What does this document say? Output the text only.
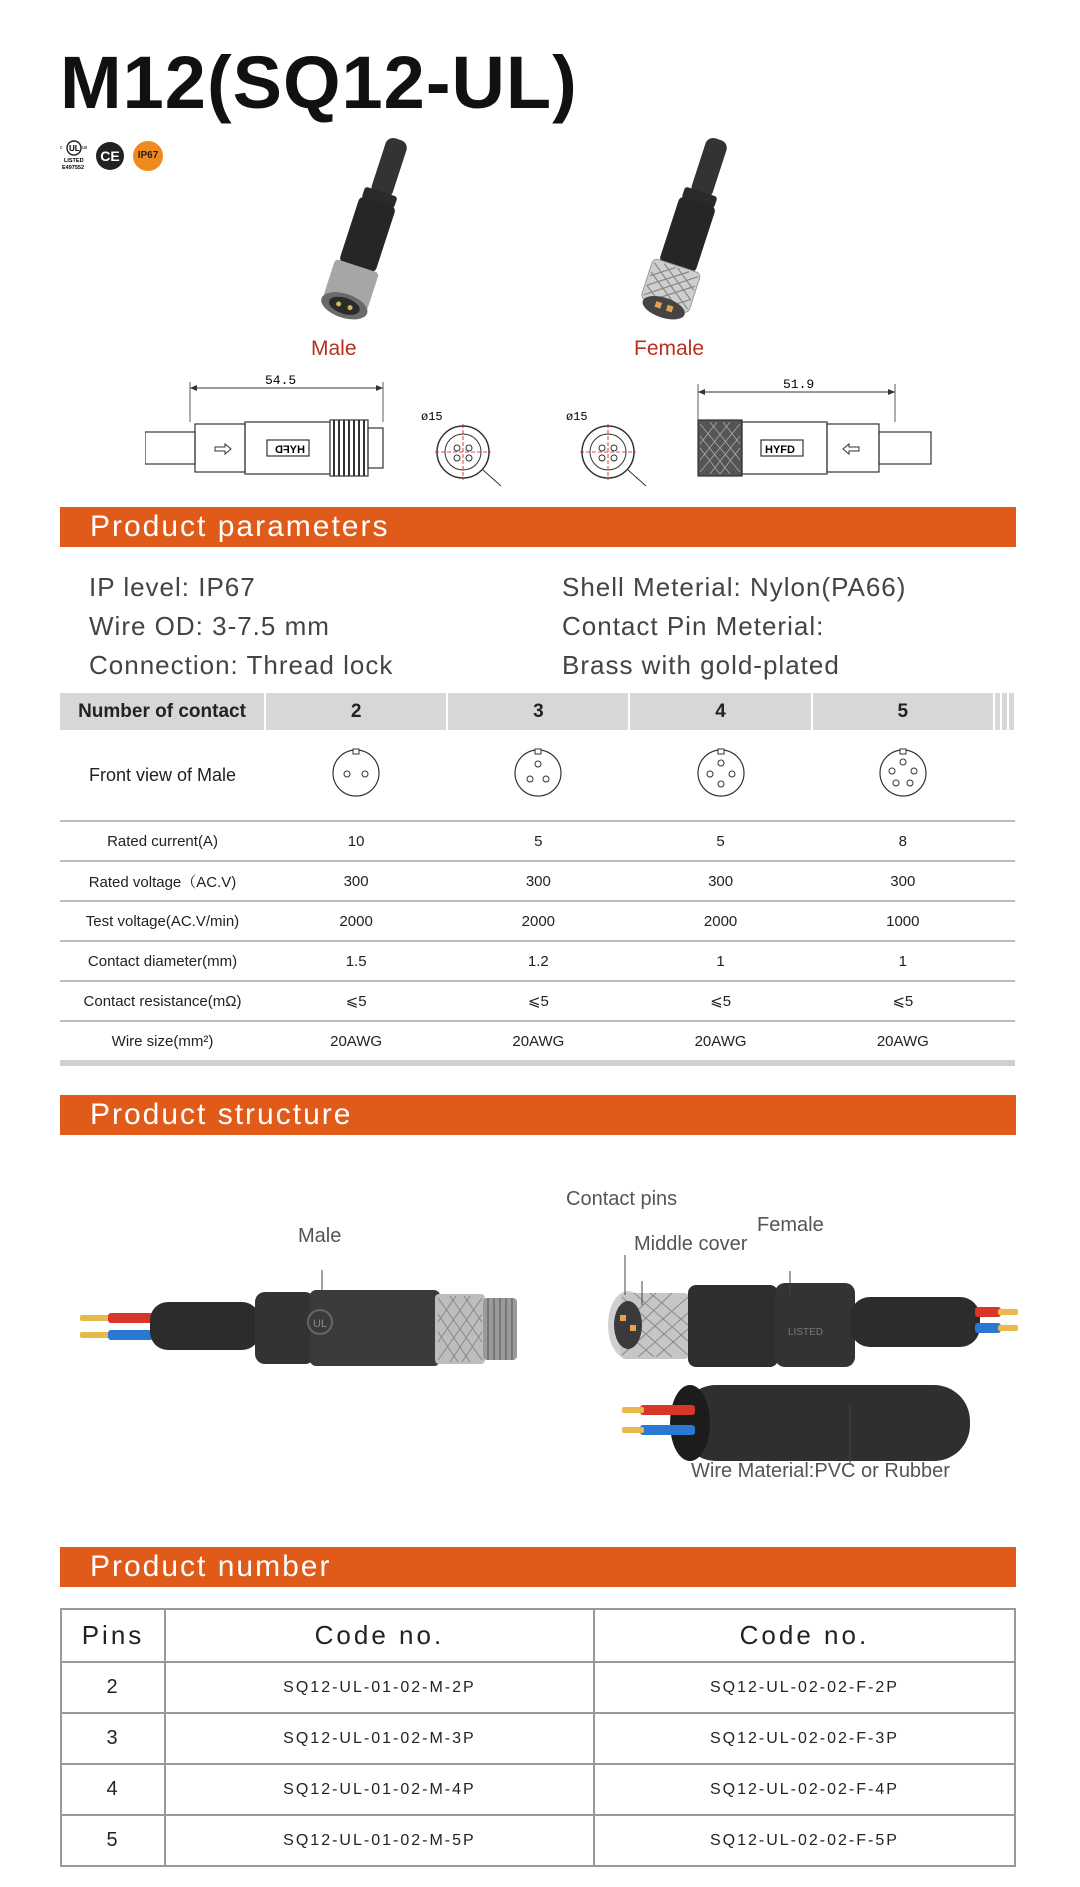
M12(SQ12-UL)
c UL us
LISTED
E497552
CE	IP67
Male	Female
54.5
HYFD
ø15	ø15
51.9
HYFD
Product parameters
IP level: IP67
Wire OD: 3-7.5 mm
Connection: Thread lock
Shell Meterial: Nylon(PA66)
Contact Pin Meterial:
Brass with gold-plated
Number of contact	2	3	4	5			
Front view of Male							
Rated current(A)	10	5	5	8			
Rated voltage（AC.V)	300	300	300	300			
Test voltage(AC.V/min)	2000	2000	2000	1000			
Contact diameter(mm)	1.5	1.2	1	1			
Contact resistance(mΩ)	⩽5	⩽5	⩽5	⩽5			
Wire size(mm²)	20AWG	20AWG	20AWG	20AWG			
Product structure
UL
Male
LISTED
Contact pins
Middle cover
Female
Wire Material:PVC or Rubber
Product number
Pins	Code no.	Code no.
2	SQ12-UL-01-02-M-2P	SQ12-UL-02-02-F-2P
3	SQ12-UL-01-02-M-3P	SQ12-UL-02-02-F-3P
4	SQ12-UL-01-02-M-4P	SQ12-UL-02-02-F-4P
5	SQ12-UL-01-02-M-5P	SQ12-UL-02-02-F-5P
